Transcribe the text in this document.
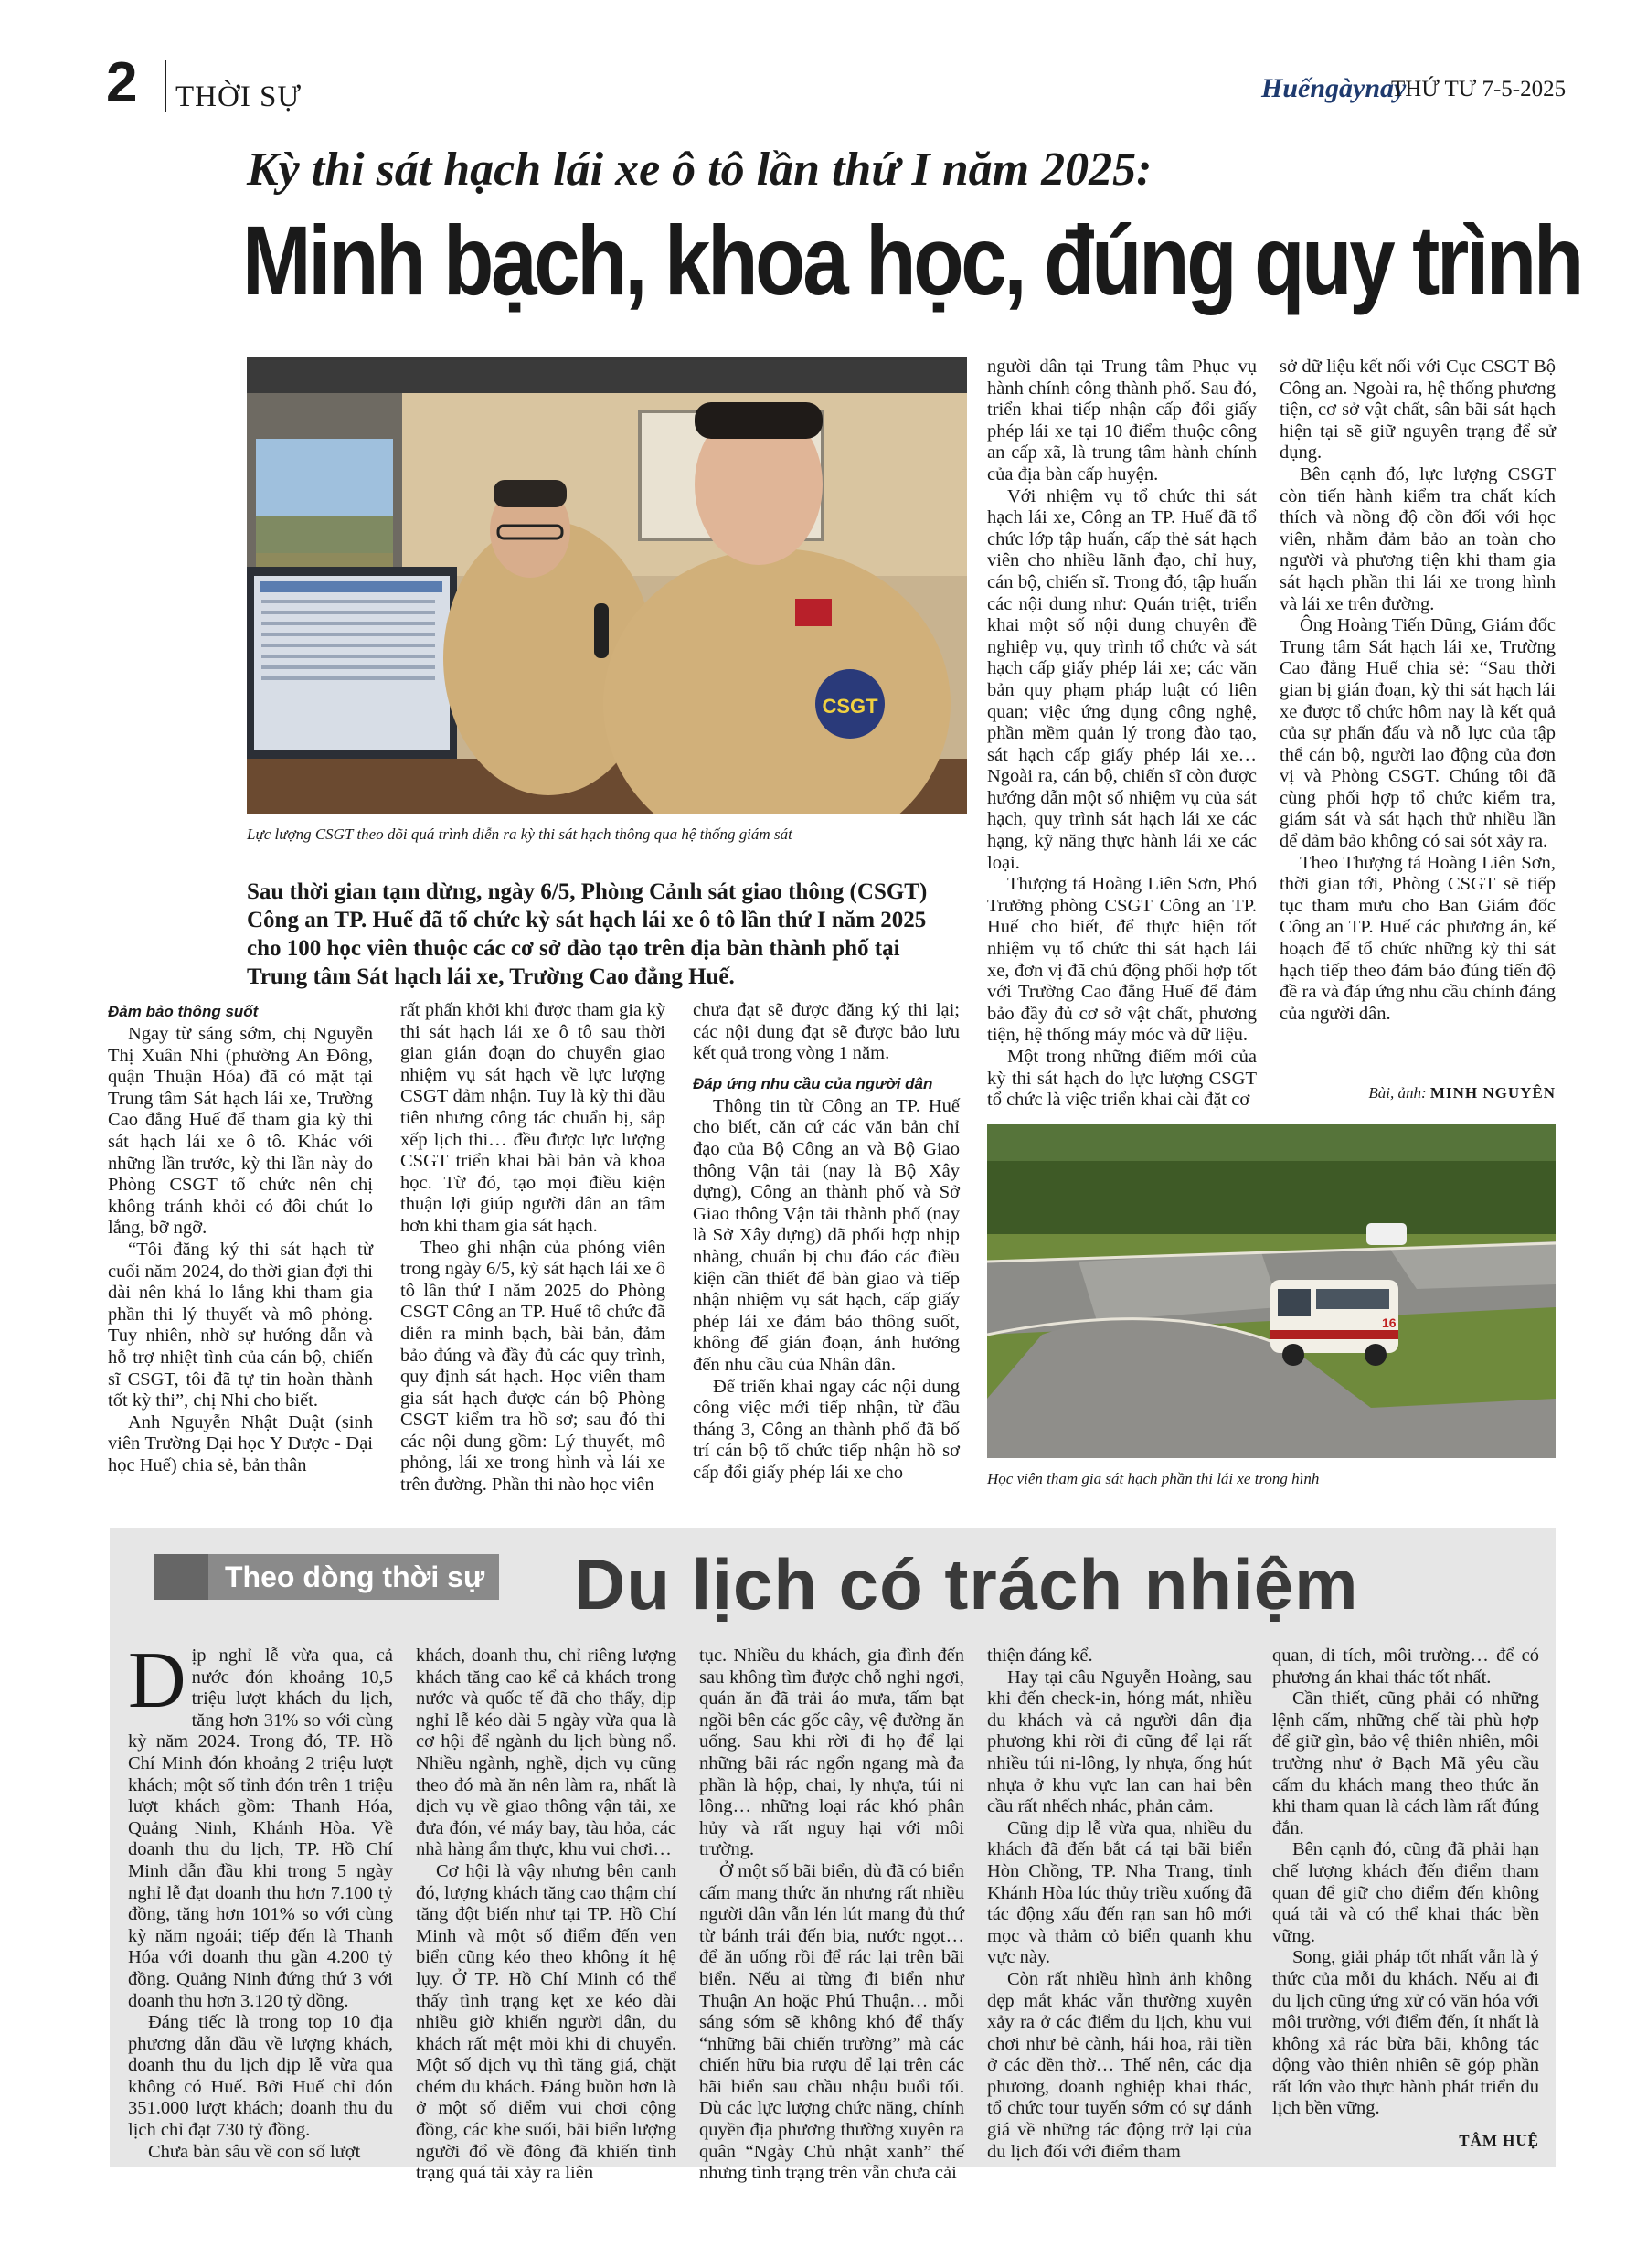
2 THỜI SỰ	Huếngàynay
THỨ TƯ 7-5-2025
Kỳ thi sát hạch lái xe ô tô lần thứ I năm 2025:
Minh bạch, khoa học, đúng quy trình
CSGT
Lực lượng CSGT theo dõi quá trình diễn ra kỳ thi sát hạch thông qua hệ thống giám sát
Sau thời gian tạm dừng, ngày 6/5, Phòng Cảnh sát giao thông (CSGT) Công an TP. Huế đã tổ chức kỳ sát hạch lái xe ô tô lần thứ I năm 2025 cho 100 học viên thuộc các cơ sở đào tạo trên địa bàn thành phố tại Trung tâm Sát hạch lái xe, Trường Cao đẳng Huế.

Đảm bảo thông suốt

Ngay từ sáng sớm, chị Nguyễn Thị Xuân Nhi (phường An Đông, quận Thuận Hóa) đã có mặt tại Trung tâm Sát hạch lái xe, Trường Cao đẳng Huế để tham gia kỳ thi sát hạch lái xe ô tô. Khác với những lần trước, kỳ thi lần này do Phòng CSGT tổ chức nên chị không tránh khỏi có đôi chút lo lắng, bỡ ngỡ.

“Tôi đăng ký thi sát hạch từ cuối năm 2024, do thời gian đợi thi dài nên khá lo lắng khi tham gia phần thi lý thuyết và mô phỏng. Tuy nhiên, nhờ sự hướng dẫn và hỗ trợ nhiệt tình của cán bộ, chiến sĩ CSGT, tôi đã tự tin hoàn thành tốt kỳ thi”, chị Nhi cho biết.

Anh Nguyễn Nhật Duật (sinh viên Trường Đại học Y Dược - Đại học Huế) chia sẻ, bản thân

rất phấn khởi khi được tham gia kỳ thi sát hạch lái xe ô tô sau thời gian gián đoạn do chuyển giao nhiệm vụ sát hạch về lực lượng CSGT đảm nhận. Tuy là kỳ thi đầu tiên nhưng công tác chuẩn bị, sắp xếp lịch thi… đều được lực lượng CSGT triển khai bài bản và khoa học. Từ đó, tạo mọi điều kiện thuận lợi giúp người dân an tâm hơn khi tham gia sát hạch.

Theo ghi nhận của phóng viên trong ngày 6/5, kỳ sát hạch lái xe ô tô lần thứ I năm 2025 do Phòng CSGT Công an TP. Huế tổ chức đã diễn ra minh bạch, bài bản, đảm bảo đúng và đầy đủ các quy trình, quy định sát hạch. Học viên tham gia sát hạch được cán bộ Phòng CSGT kiểm tra hồ sơ; sau đó thi các nội dung gồm: Lý thuyết, mô phỏng, lái xe trong hình và lái xe trên đường. Phần thi nào học viên

chưa đạt sẽ được đăng ký thi lại; các nội dung đạt sẽ được bảo lưu kết quả trong vòng 1 năm.

Đáp ứng nhu cầu của người dân

Thông tin từ Công an TP. Huế cho biết, căn cứ các văn bản chỉ đạo của Bộ Công an và Bộ Giao thông Vận tải (nay là Bộ Xây dựng), Công an thành phố và Sở Giao thông Vận tải thành phố (nay là Sở Xây dựng) đã phối hợp nhịp nhàng, chuẩn bị chu đáo các điều kiện cần thiết để bàn giao và tiếp nhận nhiệm vụ sát hạch, cấp giấy phép lái xe đảm bảo thông suốt, không để gián đoạn, ảnh hưởng đến nhu cầu của Nhân dân.

Để triển khai ngay các nội dung công việc mới tiếp nhận, từ đầu tháng 3, Công an thành phố đã bố trí cán bộ tổ chức tiếp nhận hồ sơ cấp đổi giấy phép lái xe cho

người dân tại Trung tâm Phục vụ hành chính công thành phố. Sau đó, triển khai tiếp nhận cấp đổi giấy phép lái xe tại 10 điểm thuộc công an cấp xã, là trung tâm hành chính của địa bàn cấp huyện.

Với nhiệm vụ tổ chức thi sát hạch lái xe, Công an TP. Huế đã tổ chức lớp tập huấn, cấp thẻ sát hạch viên cho nhiều lãnh đạo, chỉ huy, cán bộ, chiến sĩ. Trong đó, tập huấn các nội dung như: Quán triệt, triển khai một số nội dung chuyên đề nghiệp vụ, quy trình tổ chức và sát hạch cấp giấy phép lái xe; các văn bản quy phạm pháp luật có liên quan; việc ứng dụng công nghệ, phần mềm quản lý trong đào tạo, sát hạch cấp giấy phép lái xe… Ngoài ra, cán bộ, chiến sĩ còn được hướng dẫn một số nhiệm vụ của sát hạch, quy trình sát hạch lái xe các hạng, kỹ năng thực hành lái xe các loại.

Thượng tá Hoàng Liên Sơn, Phó Trưởng phòng CSGT Công an TP. Huế cho biết, để thực hiện tốt nhiệm vụ tổ chức thi sát hạch lái xe, đơn vị đã chủ động phối hợp tốt với Trường Cao đẳng Huế để đảm bảo đầy đủ cơ sở vật chất, phương tiện, hệ thống máy móc và dữ liệu.

Một trong những điểm mới của kỳ thi sát hạch do lực lượng CSGT tổ chức là việc triển khai cài đặt cơ

sở dữ liệu kết nối với Cục CSGT Bộ Công an. Ngoài ra, hệ thống phương tiện, cơ sở vật chất, sân bãi sát hạch hiện tại sẽ giữ nguyên trạng để sử dụng.

Bên cạnh đó, lực lượng CSGT còn tiến hành kiểm tra chất kích thích và nồng độ cồn đối với học viên, nhằm đảm bảo an toàn cho người và phương tiện khi tham gia sát hạch phần thi lái xe trong hình và lái xe trên đường.

Ông Hoàng Tiến Dũng, Giám đốc Trung tâm Sát hạch lái xe, Trường Cao đẳng Huế chia sẻ: “Sau thời gian bị gián đoạn, kỳ thi sát hạch lái xe được tổ chức hôm nay là kết quả của sự phấn đấu và nỗ lực của tập thể cán bộ, người lao động của đơn vị và Phòng CSGT. Chúng tôi đã cùng phối hợp tổ chức kiểm tra, giám sát và sát hạch thử nhiều lần để đảm bảo không có sai sót xảy ra.

Theo Thượng tá Hoàng Liên Sơn, thời gian tới, Phòng CSGT sẽ tiếp tục tham mưu cho Ban Giám đốc Công an TP. Huế các phương án, kế hoạch để tổ chức những kỳ thi sát hạch tiếp theo đảm bảo đúng tiến độ đề ra và đáp ứng nhu cầu chính đáng của người dân.

Bài, ảnh: MINH NGUYÊN
16
Học viên tham gia sát hạch phần thi lái xe trong hình
Theo dòng thời sự Du lịch có trách nhiệm

Dịp nghỉ lễ vừa qua, cả nước đón khoảng 10,5 triệu lượt khách du lịch, tăng hơn 31% so với cùng kỳ năm 2024. Trong đó, TP. Hồ Chí Minh đón khoảng 2 triệu lượt khách; một số tỉnh đón trên 1 triệu lượt khách gồm: Thanh Hóa, Quảng Ninh, Khánh Hòa. Về doanh thu du lịch, TP. Hồ Chí Minh dẫn đầu khi trong 5 ngày nghỉ lễ đạt doanh thu hơn 7.100 tỷ đồng, tăng hơn 101% so với cùng kỳ năm ngoái; tiếp đến là Thanh Hóa với doanh thu gần 4.200 tỷ đồng. Quảng Ninh đứng thứ 3 với doanh thu hơn 3.120 tỷ đồng.

Đáng tiếc là trong top 10 địa phương dẫn đầu về lượng khách, doanh thu du lịch dịp lễ vừa qua không có Huế. Bởi Huế chỉ đón 351.000 lượt khách; doanh thu du lịch chỉ đạt 730 tỷ đồng.

Chưa bàn sâu về con số lượt

khách, doanh thu, chỉ riêng lượng khách tăng cao kể cả khách trong nước và quốc tế đã cho thấy, dịp nghỉ lễ kéo dài 5 ngày vừa qua là cơ hội để ngành du lịch bùng nổ. Nhiều ngành, nghề, dịch vụ cũng theo đó mà ăn nên làm ra, nhất là dịch vụ về giao thông vận tải, xe đưa đón, vé máy bay, tàu hỏa, các nhà hàng ẩm thực, khu vui chơi…

Cơ hội là vậy nhưng bên cạnh đó, lượng khách tăng cao thậm chí tăng đột biến như tại TP. Hồ Chí Minh và một số điểm đến ven biển cũng kéo theo không ít hệ lụy. Ở TP. Hồ Chí Minh có thể thấy tình trạng kẹt xe kéo dài nhiều giờ khiến người dân, du khách rất mệt mỏi khi di chuyển. Một số dịch vụ thì tăng giá, chặt chém du khách. Đáng buồn hơn là ở một số điểm vui chơi cộng đồng, các khe suối, bãi biển lượng người đổ về đông đã khiến tình trạng quá tải xảy ra liên

tục. Nhiều du khách, gia đình đến sau không tìm được chỗ nghỉ ngơi, quán ăn đã trải áo mưa, tấm bạt ngồi bên các gốc cây, vệ đường ăn uống. Sau khi rời đi họ để lại những bãi rác ngổn ngang mà đa phần là hộp, chai, ly nhựa, túi ni lông… những loại rác khó phân hủy và rất nguy hại với môi trường.

Ở một số bãi biển, dù đã có biển cấm mang thức ăn nhưng rất nhiều người dân vẫn lén lút mang đủ thứ từ bánh trái đến bia, nước ngọt… để ăn uống rồi để rác lại trên bãi biển. Nếu ai từng đi biển như Thuận An hoặc Phú Thuận… mỗi sáng sớm sẽ không khó để thấy “những bãi chiến trường” mà các chiến hữu bia rượu để lại trên các bãi biển sau chầu nhậu buổi tối. Dù các lực lượng chức năng, chính quyền địa phương thường xuyên ra quân “Ngày Chủ nhật xanh” thế nhưng tình trạng trên vẫn chưa cải

thiện đáng kể.

Hay tại câu Nguyễn Hoàng, sau khi đến check-in, hóng mát, nhiều du khách và cả người dân địa phương khi rời đi cũng để lại rất nhiều túi ni-lông, ly nhựa, ống hút nhựa ở khu vực lan can hai bên cầu rất nhếch nhác, phản cảm.

Cũng dịp lễ vừa qua, nhiều du khách đã đến bắt cá tại bãi biển Hòn Chồng, TP. Nha Trang, tỉnh Khánh Hòa lúc thủy triều xuống đã tác động xấu đến rạn san hô mới mọc và thảm cỏ biển quanh khu vực này.

Còn rất nhiều hình ảnh không đẹp mắt khác vẫn thường xuyên xảy ra ở các điểm du lịch, khu vui chơi như bẻ cành, hái hoa, rải tiền ở các đền thờ… Thế nên, các địa phương, doanh nghiệp khai thác, tổ chức tour tuyến sớm có sự đánh giá về những tác động trở lại của du lịch đối với điểm tham

quan, di tích, môi trường… để có phương án khai thác tốt nhất.

Cần thiết, cũng phải có những lệnh cấm, những chế tài phù hợp để giữ gìn, bảo vệ thiên nhiên, môi trường như ở Bạch Mã yêu cầu cấm du khách mang theo thức ăn khi tham quan là cách làm rất đúng đắn.

Bên cạnh đó, cũng đã phải hạn chế lượng khách đến điểm tham quan để giữ cho điểm đến không quá tải và có thể khai thác bền vững.

Song, giải pháp tốt nhất vẫn là ý thức của mỗi du khách. Nếu ai đi du lịch cũng ứng xử có văn hóa với môi trường, với điểm đến, ít nhất là không xả rác bừa bãi, không tác động vào thiên nhiên sẽ góp phần rất lớn vào thực hành phát triển du lịch bền vững.

TÂM HUỆ
